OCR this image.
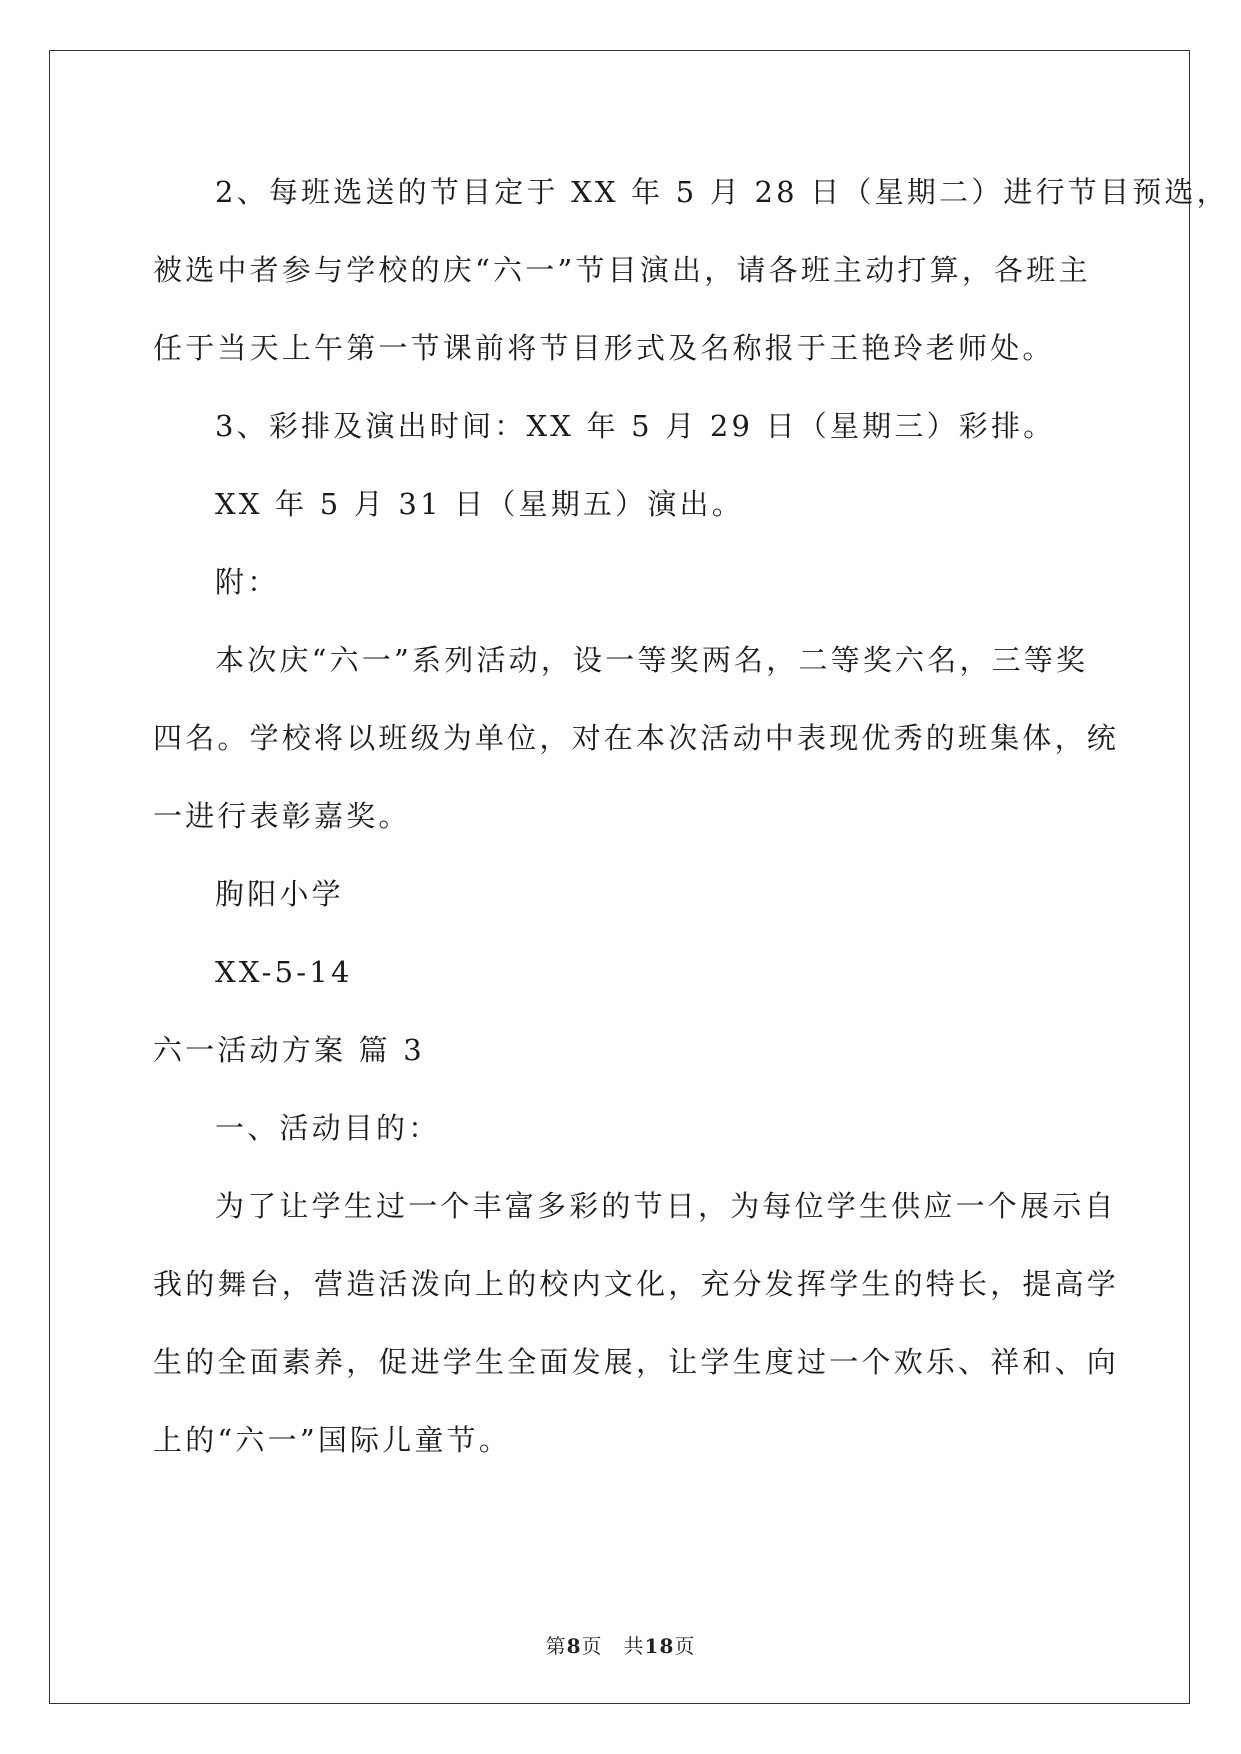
2、每班选送的节目定于 XX 年 5 月 28 日（星期二）进行节目预选，
被选中者参与学校的庆“六一”节目演出，请各班主动打算，各班主
任于当天上午第一节课前将节目形式及名称报于王艳玲老师处。
3、彩排及演出时间：XX 年 5 月 29 日（星期三）彩排。
XX 年 5 月 31 日（星期五）演出。
附：
本次庆“六一”系列活动，设一等奖两名，二等奖六名，三等奖
四名。学校将以班级为单位，对在本次活动中表现优秀的班集体，统
一进行表彰嘉奖。
朐阳小学
XX-5-14
六一活动方案 篇 3
一、活动目的：
为了让学生过一个丰富多彩的节日，为每位学生供应一个展示自
我的舞台，营造活泼向上的校内文化，充分发挥学生的特长，提高学
生的全面素养，促进学生全面发展，让学生度过一个欢乐、祥和、向
上的“六一”国际儿童节。
第8页　共18页
